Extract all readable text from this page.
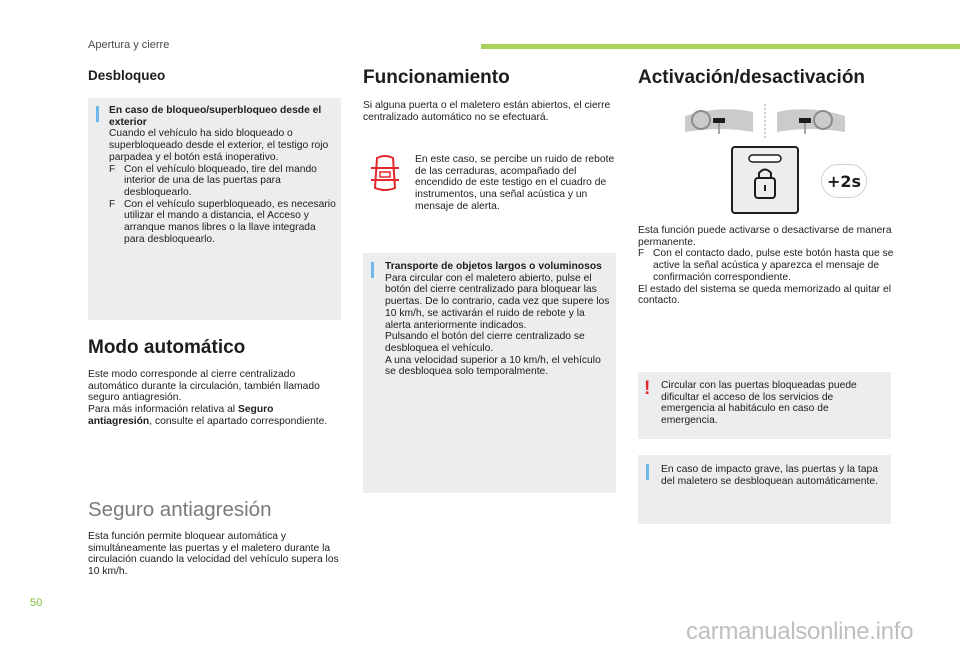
Apertura y cierre
Desbloqueo

En caso de bloqueo/superbloqueo desde el exterior

Cuando el vehículo ha sido bloqueado o superbloqueado desde el exterior, el testigo rojo parpadea y el botón está inoperativo.

F Con el vehículo bloqueado, tire del mando interior de una de las puertas para desbloquearlo.

F Con el vehículo superbloqueado, es necesario utilizar el mando a distancia, el Acceso y arranque manos libres o la llave integrada para desbloquearlo.

Modo automático

Este modo corresponde al cierre centralizado automático durante la circulación, también llamado seguro antiagresión.

Para más información relativa al Seguro antiagresión, consulte el apartado correspondiente.

Seguro antiagresión
Esta función permite bloquear automática y simultáneamente las puertas y el maletero durante la circulación cuando la velocidad del vehículo supera los 10 km/h.
Funcionamiento
Si alguna puerta o el maletero están abiertos, el cierre centralizado automático no se efectuará.
En este caso, se percibe un ruido de rebote de las cerraduras, acompañado del encendido de este testigo en el cuadro de instrumentos, una señal acústica y un mensaje de alerta.

Transporte de objetos largos o voluminosos

Para circular con el maletero abierto, pulse el botón del cierre centralizado para bloquear las puertas. De lo contrario, cada vez que supere los 10 km/h, se activarán el ruido de rebote y la alerta anteriormente indicados.

Pulsando el botón del cierre centralizado se desbloquea el vehículo.

A una velocidad superior a 10 km/h, el vehículo se desbloquea solo temporalmente.

Activación/desactivación
+2s

Esta función puede activarse o desactivarse de manera permanente.

F Con el contacto dado, pulse este botón hasta que se active la señal acústica y aparezca el mensaje de confirmación correspondiente.

El estado del sistema se queda memorizado al quitar el contacto.

! Circular con las puertas bloqueadas puede dificultar el acceso de los servicios de emergencia al habitáculo en caso de emergencia.
En caso de impacto grave, las puertas y la tapa del maletero se desbloquean automáticamente.
50
carmanualsonline.info
